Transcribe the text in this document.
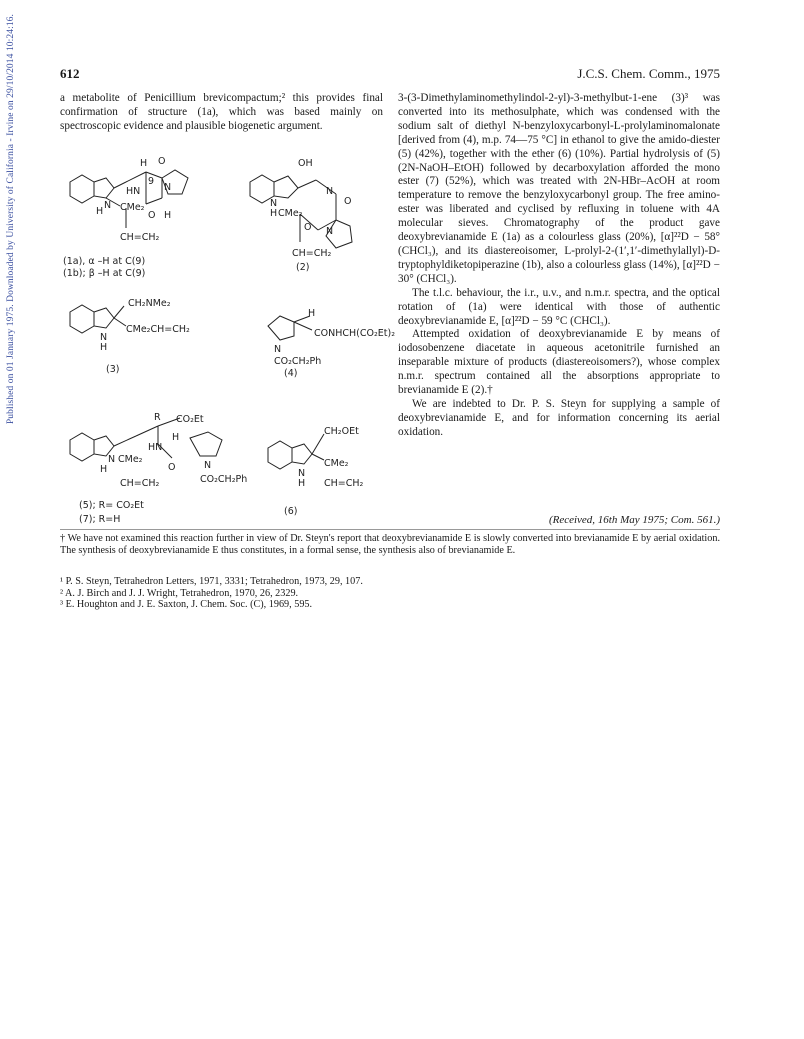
Published on 01 January 1975. Downloaded by University of California - Irvine on 29/10/2014 10:24:16.	612	J.C.S. Chem. Comm., 1975

a metabolite of Penicillium brevicompactum;² this provides final confirmation of structure (1a), which was based mainly on spectroscopic evidence and plausible biogenetic argument.

H O
N
HN
9
H
N CMe₂
O H
CH=CH₂
(1a), α –H at C(9)
(1b); β –H at C(9)
OH
N
H CMe₂
N
O
O N
CH=CH₂
(2)
CH₂NMe₂
N
H
CMe₂CH=CH₂
(3)
H
N
CONHCH(CO₂Et)₂
CO₂CH₂Ph
(4)
R CO₂Et
HN
H
O	N
CMe₂
H
N
CO₂CH₂Ph
CH=CH₂
(5); R= CO₂Et
(7); R=H
CH₂OEt
N
H
CMe₂
CH=CH₂
(6)

3-(3-Dimethylaminomethylindol-2-yl)-3-methylbut-1-ene (3)³ was converted into its methosulphate, which was condensed with the sodium salt of diethyl N-benzyloxycarbonyl-L-prolylaminomalonate [derived from (4), m.p. 74—75 °C] in ethanol to give the amido-diester (5) (42%), together with the ether (6) (10%). Partial hydrolysis of (5) (2N-NaOH–EtOH) followed by decarboxylation afforded the mono ester (7) (52%), which was treated with 2N-HBr–AcOH at room temperature to remove the benzyloxycarbonyl group. The free amino-ester was liberated and cyclised by refluxing in toluene with 4A molecular sieves. Chromatography of the product gave deoxybrevianamide E (1a) as a colourless glass (20%), [α]²²D − 58° (CHCl₃), and its diastereoisomer, L-prolyl-2-(1′,1′-dimethylallyl)-D-tryptophyldiketopiperazine (1b), also a colourless glass (14%), [α]²²D − 30° (CHCl₃).

The t.l.c. behaviour, the i.r., u.v., and n.m.r. spectra, and the optical rotation of (1a) were identical with those of authentic deoxybrevianamide E, [α]²²D − 59 °C (CHCl₃).

Attempted oxidation of deoxybrevianamide E by means of iodosobenzene diacetate in aqueous acetonitrile furnished an inseparable mixture of products (diastereoisomers?), whose complex n.m.r. spectrum contained all the absorptions appropriate to brevianamide E (2).†

We are indebted to Dr. P. S. Steyn for supplying a sample of deoxybrevianamide E, and for information concerning its aerial oxidation.

(Received, 16th May 1975; Com. 561.)
† We have not examined this reaction further in view of Dr. Steyn's report that deoxybrevianamide E is slowly converted into brevianamide E by aerial oxidation. The synthesis of deoxybrevianamide E thus constitutes, in a formal sense, the synthesis also of brevianamide E.
¹ P. S. Steyn, Tetrahedron Letters, 1971, 3331; Tetrahedron, 1973, 29, 107.
² A. J. Birch and J. J. Wright, Tetrahedron, 1970, 26, 2329.
³ E. Houghton and J. E. Saxton, J. Chem. Soc. (C), 1969, 595.
